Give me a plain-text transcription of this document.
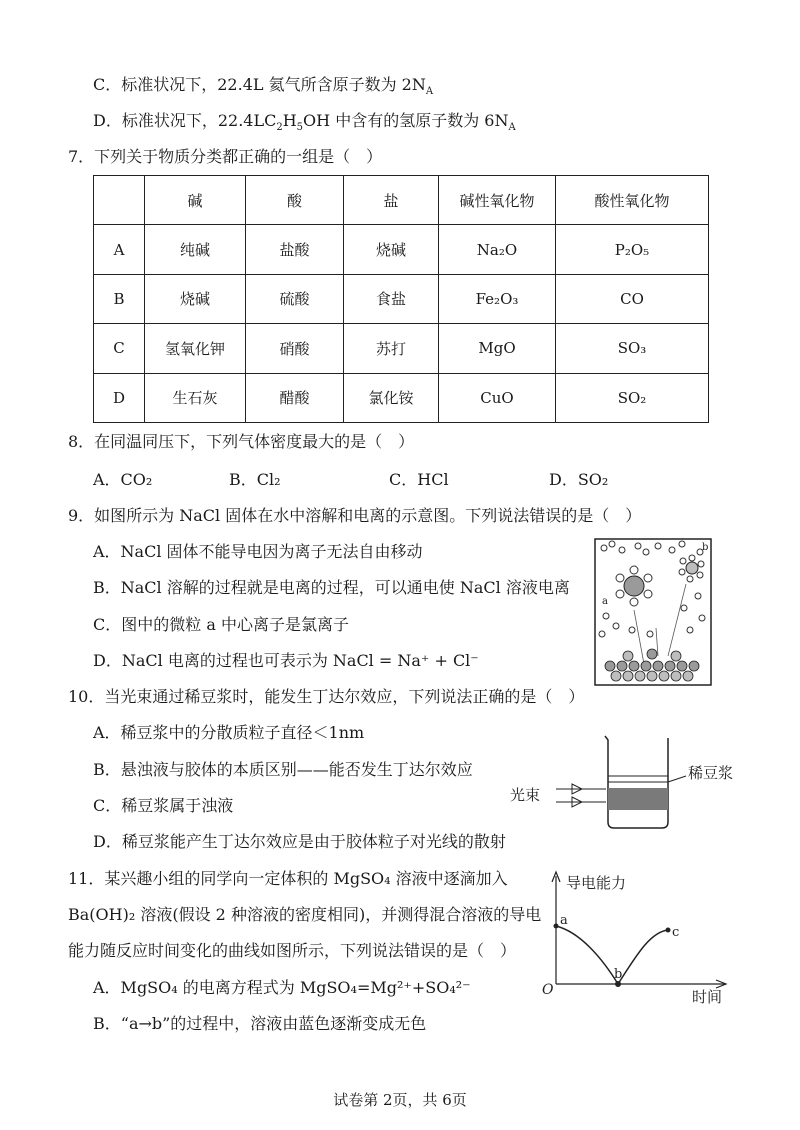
C．标准状况下，22.4L 氦气所含原子数为 $2N_A$
D．标准状况下，$22.4LC_2H_5OH$ 中含有的氢原子数为 $6N_A$
7．下列关于物质分类都正确的一组是（　）
	碱	酸	盐	碱性氧化物	酸性氧化物
A	纯碱	盐酸	烧碱	Na₂O	P₂O₅
B	烧碱	硫酸	食盐	Fe₂O₃	CO
C	氢氧化钾	硝酸	苏打	MgO	SO₃
D	生石灰	醋酸	氯化铵	CuO	SO₂
8．在同温同压下，下列气体密度最大的是（　）
A．CO₂	B．Cl₂	C．HCl	D．SO₂
9．如图所示为 NaCl 固体在水中溶解和电离的示意图。下列说法错误的是（　）
A．NaCl 固体不能导电因为离子无法自由移动
B．NaCl 溶解的过程就是电离的过程，可以通电使 NaCl 溶液电离
C．图中的微粒 a 中心离子是氯离子
D．NaCl 电离的过程也可表示为 NaCl = Na⁺ + Cl⁻
a
b
10．当光束通过稀豆浆时，能发生丁达尔效应，下列说法正确的是（　）
A．稀豆浆中的分散质粒子直径＜1nm
B．悬浊液与胶体的本质区别——能否发生丁达尔效应
C．稀豆浆属于浊液
D．稀豆浆能产生丁达尔效应是由于胶体粒子对光线的散射
稀豆浆
光束
11．某兴趣小组的同学向一定体积的 MgSO₄ 溶液中逐滴加入
Ba(OH)₂ 溶液(假设 2 种溶液的密度相同)，并测得混合溶液的导电
能力随反应时间变化的曲线如图所示，下列说法错误的是（　）
A．MgSO₄ 的电离方程式为 MgSO₄=Mg²⁺+SO₄²⁻
B．“a→b”的过程中，溶液由蓝色逐渐变成无色
导电能力
时间
O
a
b
c
试卷第 2页，共 6页
